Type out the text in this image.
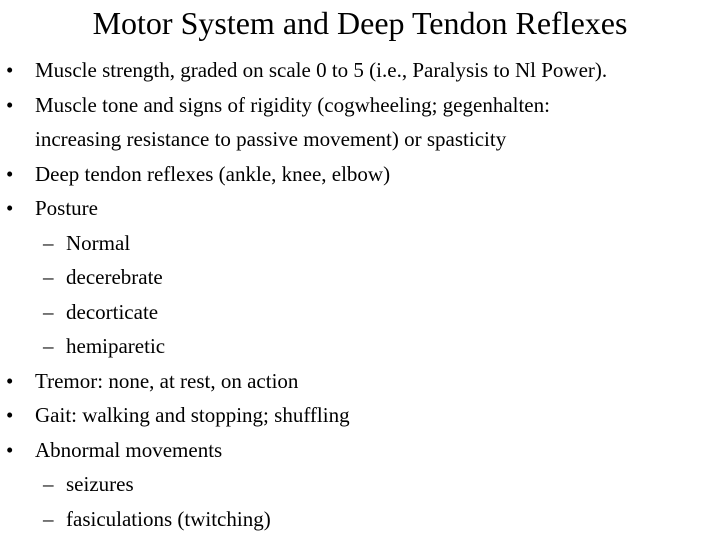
Motor System and Deep Tendon Reflexes
• Muscle strength, graded on scale 0 to 5 (i.e., Paralysis to Nl Power).
• Muscle tone and signs of rigidity (cogwheeling; gegenhalten:
increasing resistance to passive movement) or spasticity
• Deep tendon reflexes (ankle, knee, elbow)
• Posture
– Normal
– decerebrate
– decorticate
– hemiparetic
• Tremor: none, at rest, on action
• Gait: walking and stopping; shuffling
• Abnormal movements
– seizures
– fasiculations (twitching)
